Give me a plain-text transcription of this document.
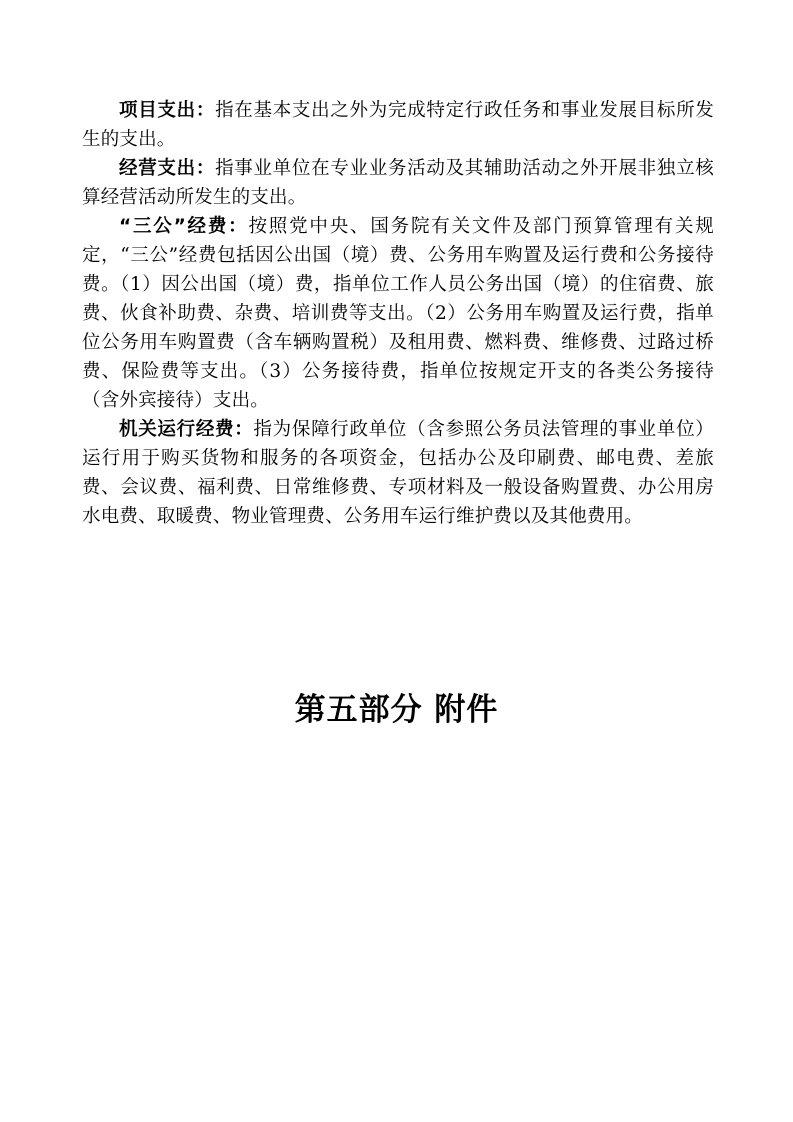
项目支出：指在基本支出之外为完成特定行政任务和事业发展目标所发生的支出。

经营支出：指事业单位在专业业务活动及其辅助活动之外开展非独立核算经营活动所发生的支出。

“三公”经费：按照党中央、国务院有关文件及部门预算管理有关规定，“三公”经费包括因公出国（境）费、公务用车购置及运行费和公务接待费。（1）因公出国（境）费，指单位工作人员公务出国（境）的住宿费、旅费、伙食补助费、杂费、培训费等支出。（2）公务用车购置及运行费，指单位公务用车购置费（含车辆购置税）及租用费、燃料费、维修费、过路过桥费、保险费等支出。（3）公务接待费，指单位按规定开支的各类公务接待（含外宾接待）支出。

机关运行经费：指为保障行政单位（含参照公务员法管理的事业单位）运行用于购买货物和服务的各项资金，包括办公及印刷费、邮电费、差旅费、会议费、福利费、日常维修费、专项材料及一般设备购置费、办公用房水电费、取暖费、物业管理费、公务用车运行维护费以及其他费用。

第五部分 附件
